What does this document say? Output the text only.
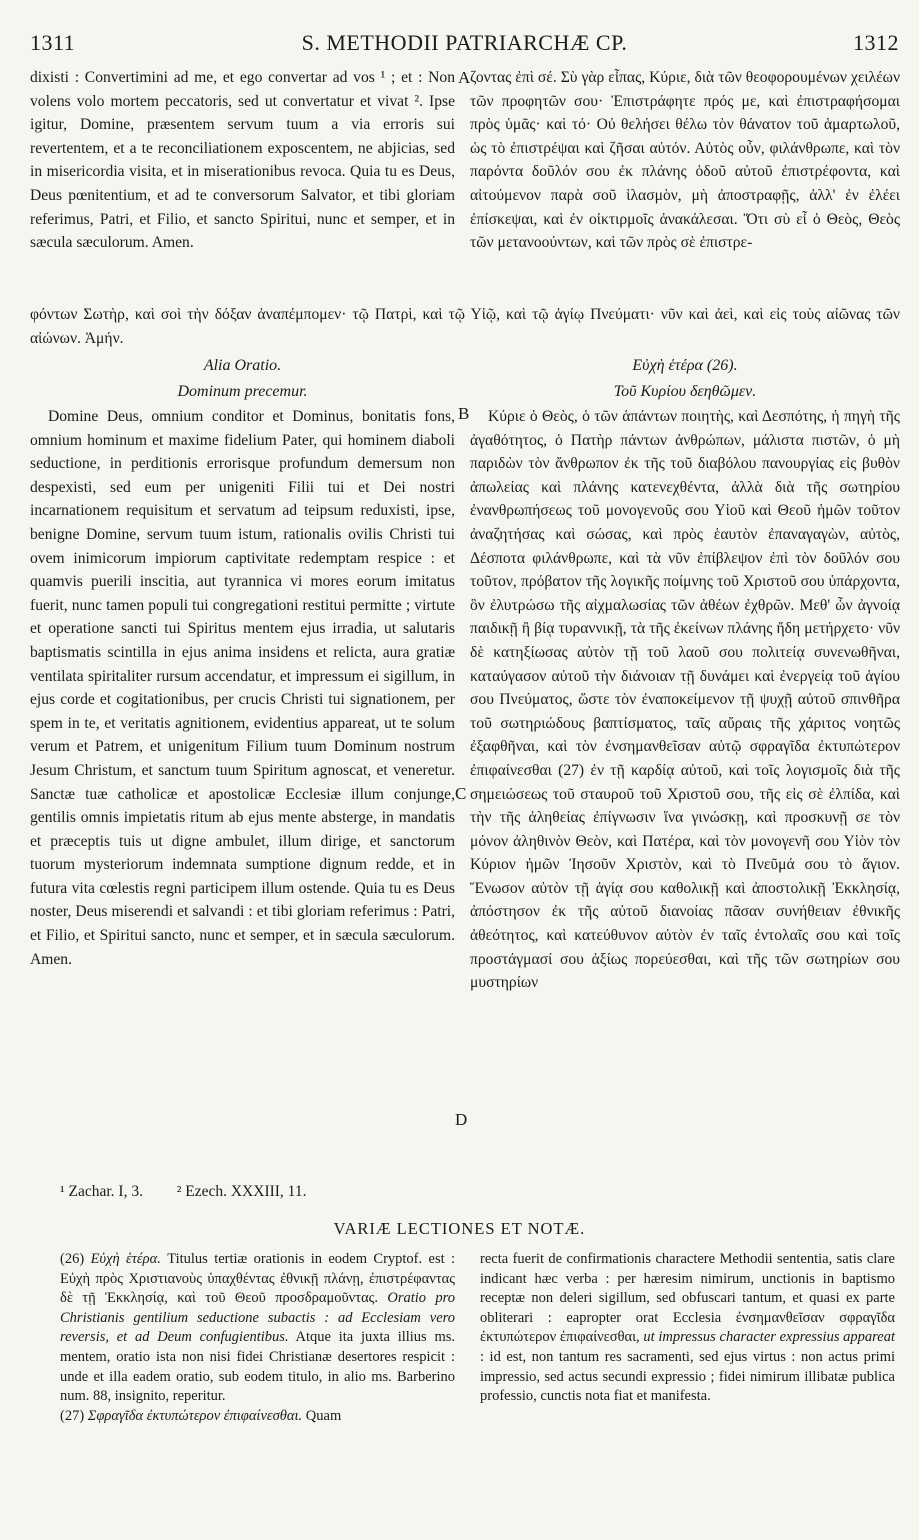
1311	S. METHODII PATRIARCHÆ CP.	1312
dixisti : Convertimini ad me, et ego convertar ad vos ¹ ; et : Non volens volo mortem peccatoris, sed ut convertatur et vivat ². Ipse igitur, Domine, præsentem servum tuum a via erroris sui revertentem, et a te reconciliationem exposcentem, ne abjicias, sed in misericordia visita, et in miserationibus revoca. Quia tu es Deus, Deus pœnitentium, et ad te conversorum Salvator, et tibi gloriam referimus, Patri, et Filio, et sancto Spiritui, nunc et semper, et in sæcula sæculorum. Amen.
A ζοντας ἐπὶ σέ. Σὺ γὰρ εἶπας, Κύριε, διὰ τῶν θεοφορουμένων χειλέων τῶν προφητῶν σου· Ἐπιστράφητε πρός με, καὶ ἐπιστραφήσομαι πρὸς ὑμᾶς· καὶ τό· Οὐ θελήσει θέλω τὸν θάνατον τοῦ ἁμαρτωλοῦ, ὡς τὸ ἐπιστρέψαι καὶ ζῆσαι αὐτόν. Αὐτὸς οὖν, φιλάνθρωπε, καὶ τὸν παρόντα δοῦλόν σου ἐκ πλάνης ὁδοῦ αὐτοῦ ἐπιστρέφοντα, καὶ αἰτούμενον παρὰ σοῦ ἱλασμὸν, μὴ ἀποστραφῇς, ἀλλ' ἐν ἐλέει ἐπίσκεψαι, καὶ ἐν οἰκτιρμοῖς ἀνακάλεσαι. Ὅτι σὺ εἶ ὁ Θεὸς, Θεὸς τῶν μετανοούντων, καὶ τῶν πρὸς σὲ ἐπιστρε-
φόντων Σωτὴρ, καὶ σοὶ τὴν δόξαν ἀναπέμπομεν· τῷ Πατρὶ, καὶ τῷ Υἱῷ, καὶ τῷ ἁγίῳ Πνεύματι· νῦν καὶ ἀεὶ, καὶ εἰς τοὺς αἰῶνας τῶν αἰώνων. Ἀμήν.
Alia Oratio.
Dominum precemur.
Domine Deus, omnium conditor et Dominus, bonitatis fons, omnium hominum et maxime fidelium Pater, qui hominem diaboli seductione, in perditionis errorisque profundum demersum non despexisti, sed eum per unigeniti Filii tui et Dei nostri incarnationem requisitum et servatum ad teipsum reduxisti, ipse, benigne Domine, servum tuum istum, rationalis ovilis Christi tui ovem inimicorum impiorum captivitate redemptam respice : et quamvis puerili inscitia, aut tyrannica vi mores eorum imitatus fuerit, nunc tamen populi tui congregationi restitui permitte ; virtute et operatione sancti tui Spiritus mentem ejus irradia, ut salutaris baptismatis scintilla in ejus anima insidens et relicta, aura gratiæ ventilata spiritaliter rursum accendatur, et impressum ei sigillum, in ejus corde et cogitationibus, per crucis Christi tui signationem, per spem in te, et veritatis agnitionem, evidentius appareat, ut te solum verum et Patrem, et unigenitum Filium tuum Dominum nostrum Jesum Christum, et sanctum tuum Spiritum agnoscat, et veneretur. Sanctæ tuæ catholicæ et apostolicæ Ecclesiæ illum conjunge, gentilis omnis impietatis ritum ab ejus mente absterge, in mandatis et præceptis tuis ut digne ambulet, illum dirige, et sanctorum tuorum mysteriorum indemnata sumptione dignum redde, et in futura vita cœlestis regni participem illum ostende. Quia tu es Deus noster, Deus miserendi et salvandi : et tibi gloriam referimus : Patri, et Filio, et Spiritui sancto, nunc et semper, et in sæcula sæculorum. Amen.
B
C
D
Εὐχὴ ἑτέρα (26).
Τοῦ Κυρίου δεηθῶμεν.
Κύριε ὁ Θεὸς, ὁ τῶν ἁπάντων ποιητὴς, καὶ Δεσπότης, ἡ πηγὴ τῆς ἀγαθότητος, ὁ Πατὴρ πάντων ἀνθρώπων, μάλιστα πιστῶν, ὁ μὴ παριδὼν τὸν ἄνθρωπον ἐκ τῆς τοῦ διαβόλου πανουργίας εἰς βυθὸν ἀπωλείας καὶ πλάνης κατενεχθέντα, ἀλλὰ διὰ τῆς σωτηρίου ἐνανθρωπήσεως τοῦ μονογενοῦς σου Υἱοῦ καὶ Θεοῦ ἡμῶν τοῦτον ἀναζητήσας καὶ σώσας, καὶ πρὸς ἑαυτὸν ἐπαναγαγὼν, αὐτὸς, Δέσποτα φιλάνθρωπε, καὶ τὰ νῦν ἐπίβλεψον ἐπὶ τὸν δοῦλόν σου τοῦτον, πρόβατον τῆς λογικῆς ποίμνης τοῦ Χριστοῦ σου ὑπάρχοντα, ὃν ἐλυτρώσω τῆς αἰχμαλωσίας τῶν ἀθέων ἐχθρῶν. Μεθ' ὧν ἀγνοίᾳ παιδικῇ ἢ βίᾳ τυραννικῇ, τὰ τῆς ἐκείνων πλάνης ἤδη μετήρχετο· νῦν δὲ κατηξίωσας αὐτὸν τῇ τοῦ λαοῦ σου πολιτείᾳ συνενωθῆναι, καταύγασον αὐτοῦ τὴν διάνοιαν τῇ δυνάμει καὶ ἐνεργείᾳ τοῦ ἁγίου σου Πνεύματος, ὥστε τὸν ἐναποκείμενον τῇ ψυχῇ αὐτοῦ σπινθῆρα τοῦ σωτηριώδους βαπτίσματος, ταῖς αὔραις τῆς χάριτος νοητῶς ἐξαφθῆναι, καὶ τὸν ἐνσημανθεῖσαν αὐτῷ σφραγῖδα ἐκτυπώτερον ἐπιφαίνεσθαι (27) ἐν τῇ καρδίᾳ αὐτοῦ, καὶ τοῖς λογισμοῖς διὰ τῆς σημειώσεως τοῦ σταυροῦ τοῦ Χριστοῦ σου, τῆς εἰς σὲ ἐλπίδα, καὶ τὴν τῆς ἀληθείας ἐπίγνωσιν ἵνα γινώσκῃ, καὶ προσκυνῇ σε τὸν μόνον ἀληθινὸν Θεὸν, καὶ Πατέρα, καὶ τὸν μονογενῆ σου Υἱὸν τὸν Κύριον ἡμῶν Ἰησοῦν Χριστὸν, καὶ τὸ Πνεῦμά σου τὸ ἅγιον. Ἕνωσον αὐτὸν τῇ ἁγίᾳ σου καθολικῇ καὶ ἀποστολικῇ Ἐκκλησίᾳ, ἀπόστησον ἐκ τῆς αὐτοῦ διανοίας πᾶσαν συνήθειαν ἐθνικῆς ἀθεότητος, καὶ κατεύθυνον αὐτὸν ἐν ταῖς ἐντολαῖς σου καὶ τοῖς προστάγμασί σου ἀξίως πορεύεσθαι, καὶ τῆς τῶν σωτηρίων σου μυστηρίων
¹ Zachar. I, 3. ² Ezech. XXXIII, 11.
VARIÆ LECTIONES ET NOTÆ.
(26) Εὐχὴ ἑτέρα. Titulus tertiæ orationis in eodem Cryptof. est : Εὐχὴ πρὸς Χριστιανοὺς ὑπαχθέντας ἐθνικῇ πλάνῃ, ἐπιστρέφαντας δὲ τῇ Ἐκκλησίᾳ, καὶ τοῦ Θεοῦ προσδραμοῦντας. Oratio pro Christianis gentilium seductione subactis : ad Ecclesiam vero reversis, et ad Deum confugientibus. Atque ita juxta illius ms. mentem, oratio ista non nisi fidei Christianæ desertores respicit : unde et illa eadem oratio, sub eodem titulo, in alio ms. Barberino num. 88, insignito, reperitur.
(27) Σφραγῖδα ἐκτυπώτερον ἐπιφαίνεσθαι. Quam
recta fuerit de confirmationis charactere Methodii sententia, satis clare indicant hæc verba : per hæresim nimirum, unctionis in baptismo receptæ non deleri sigillum, sed obfuscari tantum, et quasi ex parte obliterari : eapropter orat Ecclesia ἐνσημανθεῖσαν σφραγῖδα ἐκτυπώτερον ἐπιφαίνεσθαι, ut impressus character expressius appareat : id est, non tantum res sacramenti, sed ejus virtus : non actus primi impressio, sed actus secundi expressio ; fidei nimirum illibatæ publica professio, cunctis nota fiat et manifesta.
